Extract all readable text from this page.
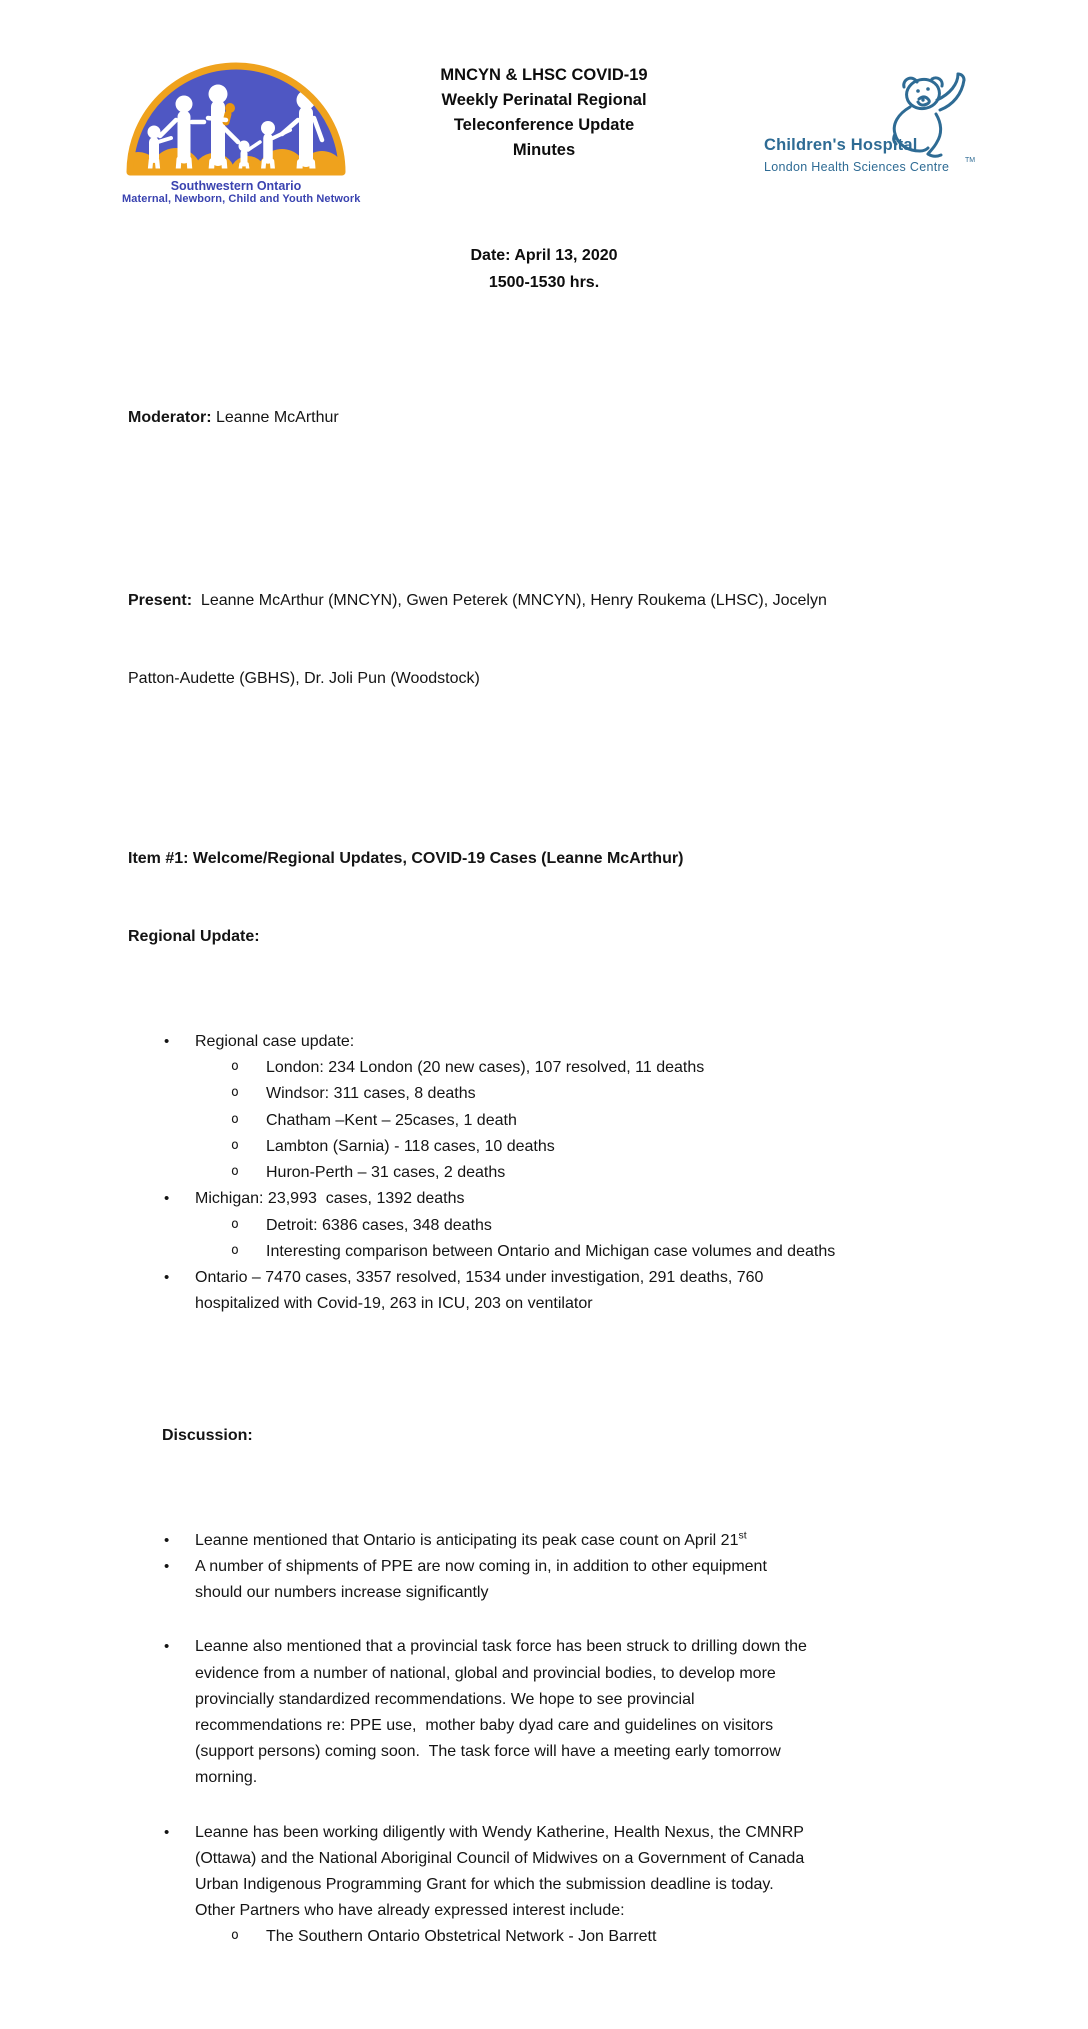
Southwestern Ontario
Maternal, Newborn, Child and Youth Network
MNCYN & LHSC COVID-19
Weekly Perinatal Regional
Teleconference Update
Minutes
TM
Children's Hospital
London Health Sciences Centre
Date: April 13, 2020
1500-1530 hrs.

Moderator: Leanne McArthur

Present:  Leanne McArthur (MNCYN), Gwen Peterek (MNCYN), Henry Roukema (LHSC), Jocelyn

Patton-Audette (GBHS), Dr. Joli Pun (Woodstock)

Item #1: Welcome/Regional Updates, COVID-19 Cases (Leanne McArthur)

Regional Update:

• Regional case update:
o London: 234 London (20 new cases), 107 resolved, 11 deaths
o Windsor: 311 cases, 8 deaths
o Chatham –Kent – 25cases, 1 death
o Lambton (Sarnia) - 118 cases, 10 deaths
o Huron-Perth – 31 cases, 2 deaths
• Michigan: 23,993  cases, 1392 deaths
o Detroit: 6386 cases, 348 deaths
o Interesting comparison between Ontario and Michigan case volumes and deaths
• Ontario – 7470 cases, 3357 resolved, 1534 under investigation, 291 deaths, 760
hospitalized with Covid-19, 263 in ICU, 203 on ventilator

Discussion:

• Leanne mentioned that Ontario is anticipating its peak case count on April 21st
• A number of shipments of PPE are now coming in, in addition to other equipment
should our numbers increase significantly
• Leanne also mentioned that a provincial task force has been struck to drilling down the
evidence from a number of national, global and provincial bodies, to develop more
provincially standardized recommendations. We hope to see provincial
recommendations re: PPE use,  mother baby dyad care and guidelines on visitors
(support persons) coming soon.  The task force will have a meeting early tomorrow
morning.
• Leanne has been working diligently with Wendy Katherine, Health Nexus, the CMNRP
(Ottawa) and the National Aboriginal Council of Midwives on a Government of Canada
Urban Indigenous Programming Grant for which the submission deadline is today.
Other Partners who have already expressed interest include:
o The Southern Ontario Obstetrical Network - Jon Barrett
